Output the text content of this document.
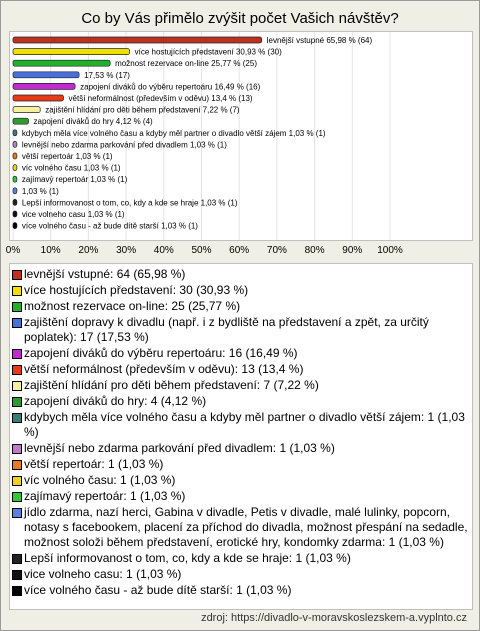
Co by Vás přimělo zvýšit počet Vašich návštěv?
levnější vstupné 65,98 % (64)
více hostujících představení 30,93 % (30)
možnost rezervace on-line 25,77 % (25)
17,53 % (17)
zapojení diváků do výběru repertoáru 16,49 % (16)
větší neformálnost (především v oděvu) 13,4 % (13)
zajištění hlídání pro děti během představení 7,22 % (7)
zapojení diváků do hry 4,12 % (4)
kdybych měla více volného času a kdyby měl partner o divadlo větší zájem 1,03 % (1)
levnější nebo zdarma parkování před divadlem 1,03 % (1)
větší repertoár 1,03 % (1)
víc volného času 1,03 % (1)
zajímavý repertoár 1,03 % (1)
1,03 % (1)
Lepší informovanost o tom, co, kdy a kde se hraje 1,03 % (1)
vice volneho casu 1,03 % (1)
více volného času - až bude dítě starší 1,03 % (1)
0% 10% 20% 30% 40% 50% 60% 70% 80% 90% 100%
levnější vstupné: 64 (65,98 %)
více hostujících představení: 30 (30,93 %)
možnost rezervace on-line: 25 (25,77 %)
zajištění dopravy k divadlu (např. i z bydliště na představení a zpět, za určitý poplatek): 17 (17,53 %)
zapojení diváků do výběru repertoáru: 16 (16,49 %)
větší neformálnost (především v oděvu): 13 (13,4 %)
zajištění hlídání pro děti během představení: 7 (7,22 %)
zapojení diváků do hry: 4 (4,12 %)
kdybych měla více volného času a kdyby měl partner o divadlo větší zájem: 1 (1,03 %)
levnější nebo zdarma parkování před divadlem: 1 (1,03 %)
větší repertoár: 1 (1,03 %)
víc volného času: 1 (1,03 %)
zajímavý repertoár: 1 (1,03 %)
jídlo zdarma, nazí herci, Gabina v divadle, Petis v divadle, malé lulinky, popcorn, notasy s facebookem, placení za příchod do divadla, možnost přespání na sedadle, možnost soloži během představení, erotické hry, kondomky zdarma: 1 (1,03 %)
Lepší informovanost o tom, co, kdy a kde se hraje: 1 (1,03 %)
vice volneho casu: 1 (1,03 %)
více volného času - až bude dítě starší: 1 (1,03 %)
zdroj: https://divadlo-v-moravskoslezskem-a.vyplnto.cz
